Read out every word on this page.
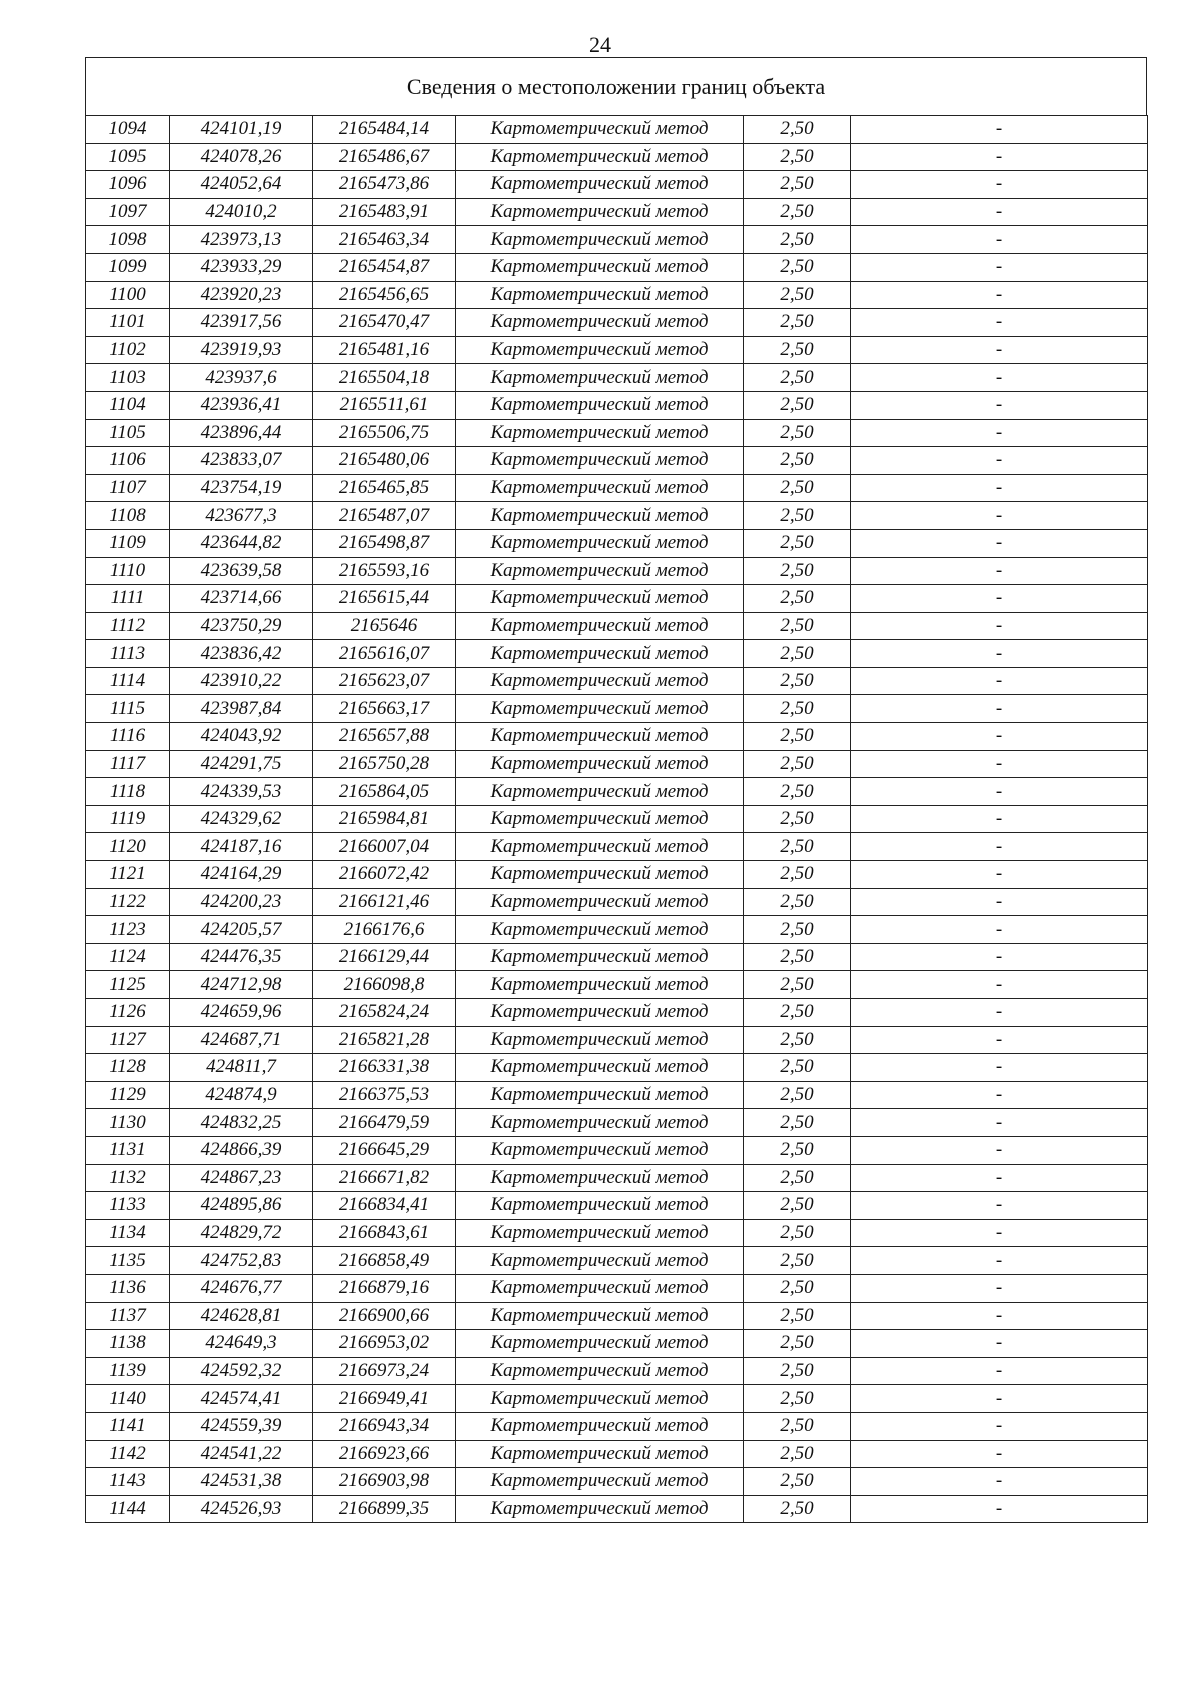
24
Сведения о местоположении границ объекта
1094	424101,19	2165484,14	Картометрический метод	2,50	-
1095	424078,26	2165486,67	Картометрический метод	2,50	-
1096	424052,64	2165473,86	Картометрический метод	2,50	-
1097	424010,2	2165483,91	Картометрический метод	2,50	-
1098	423973,13	2165463,34	Картометрический метод	2,50	-
1099	423933,29	2165454,87	Картометрический метод	2,50	-
1100	423920,23	2165456,65	Картометрический метод	2,50	-
1101	423917,56	2165470,47	Картометрический метод	2,50	-
1102	423919,93	2165481,16	Картометрический метод	2,50	-
1103	423937,6	2165504,18	Картометрический метод	2,50	-
1104	423936,41	2165511,61	Картометрический метод	2,50	-
1105	423896,44	2165506,75	Картометрический метод	2,50	-
1106	423833,07	2165480,06	Картометрический метод	2,50	-
1107	423754,19	2165465,85	Картометрический метод	2,50	-
1108	423677,3	2165487,07	Картометрический метод	2,50	-
1109	423644,82	2165498,87	Картометрический метод	2,50	-
1110	423639,58	2165593,16	Картометрический метод	2,50	-
1111	423714,66	2165615,44	Картометрический метод	2,50	-
1112	423750,29	2165646	Картометрический метод	2,50	-
1113	423836,42	2165616,07	Картометрический метод	2,50	-
1114	423910,22	2165623,07	Картометрический метод	2,50	-
1115	423987,84	2165663,17	Картометрический метод	2,50	-
1116	424043,92	2165657,88	Картометрический метод	2,50	-
1117	424291,75	2165750,28	Картометрический метод	2,50	-
1118	424339,53	2165864,05	Картометрический метод	2,50	-
1119	424329,62	2165984,81	Картометрический метод	2,50	-
1120	424187,16	2166007,04	Картометрический метод	2,50	-
1121	424164,29	2166072,42	Картометрический метод	2,50	-
1122	424200,23	2166121,46	Картометрический метод	2,50	-
1123	424205,57	2166176,6	Картометрический метод	2,50	-
1124	424476,35	2166129,44	Картометрический метод	2,50	-
1125	424712,98	2166098,8	Картометрический метод	2,50	-
1126	424659,96	2165824,24	Картометрический метод	2,50	-
1127	424687,71	2165821,28	Картометрический метод	2,50	-
1128	424811,7	2166331,38	Картометрический метод	2,50	-
1129	424874,9	2166375,53	Картометрический метод	2,50	-
1130	424832,25	2166479,59	Картометрический метод	2,50	-
1131	424866,39	2166645,29	Картометрический метод	2,50	-
1132	424867,23	2166671,82	Картометрический метод	2,50	-
1133	424895,86	2166834,41	Картометрический метод	2,50	-
1134	424829,72	2166843,61	Картометрический метод	2,50	-
1135	424752,83	2166858,49	Картометрический метод	2,50	-
1136	424676,77	2166879,16	Картометрический метод	2,50	-
1137	424628,81	2166900,66	Картометрический метод	2,50	-
1138	424649,3	2166953,02	Картометрический метод	2,50	-
1139	424592,32	2166973,24	Картометрический метод	2,50	-
1140	424574,41	2166949,41	Картометрический метод	2,50	-
1141	424559,39	2166943,34	Картометрический метод	2,50	-
1142	424541,22	2166923,66	Картометрический метод	2,50	-
1143	424531,38	2166903,98	Картометрический метод	2,50	-
1144	424526,93	2166899,35	Картометрический метод	2,50	-
